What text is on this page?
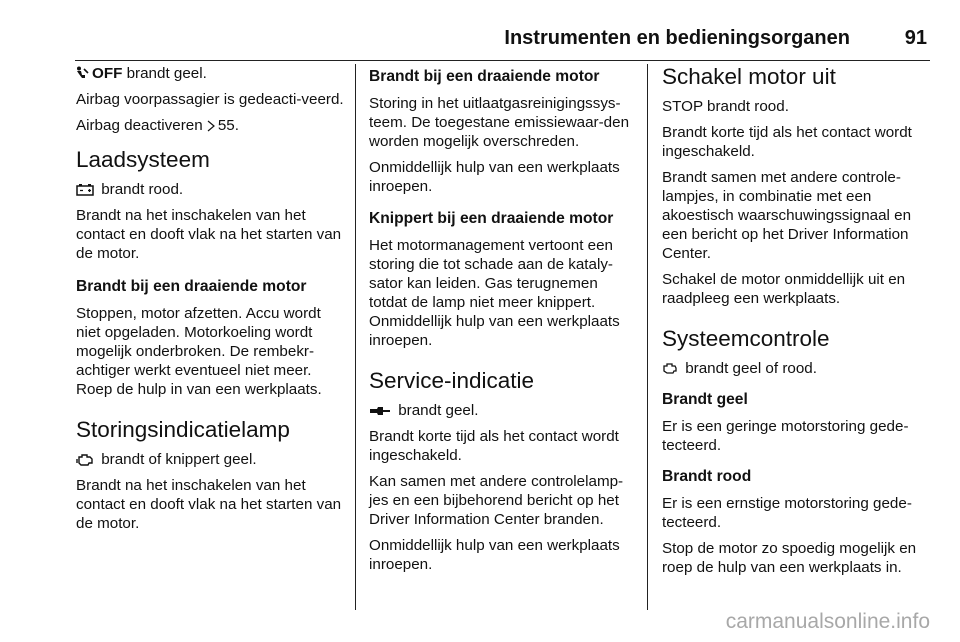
Instrumenten en bedieningsorganen	91

OFF brandt geel.

Airbag voorpassagier is gedeacti-veerd.

Airbag deactiveren
55.

Laadsysteem

brandt rood.

Brandt na het inschakelen van het contact en dooft vlak na het starten van de motor.

Brandt bij een draaiende motor

Stoppen, motor afzetten. Accu wordt niet opgeladen. Motorkoeling wordt mogelijk onderbroken. De rembekr-achtiger werkt eventueel niet meer. Roep de hulp in van een werkplaats.

Storingsindicatielamp

brandt of knippert geel.

Brandt na het inschakelen van het contact en dooft vlak na het starten van de motor.

Brandt bij een draaiende motor

Storing in het uitlaatgasreinigingssys-teem. De toegestane emissiewaar-den worden mogelijk overschreden.

Onmiddellijk hulp van een werkplaats inroepen.

Knippert bij een draaiende motor

Het motormanagement vertoont een storing die tot schade aan de kataly-sator kan leiden. Gas terugnemen totdat de lamp niet meer knippert. Onmiddellijk hulp van een werkplaats inroepen.

Service-indicatie

brandt geel.

Brandt korte tijd als het contact wordt ingeschakeld.

Kan samen met andere controlelamp-jes en een bijbehorend bericht op het Driver Information Center branden.

Onmiddellijk hulp van een werkplaats inroepen.

Schakel motor uit

STOP brandt rood.

Brandt korte tijd als het contact wordt ingeschakeld.

Brandt samen met andere controle-lampjes, in combinatie met een akoestisch waarschuwingssignaal en een bericht op het Driver Information Center.

Schakel de motor onmiddellijk uit en raadpleeg een werkplaats.

Systeemcontrole

brandt geel of rood.

Brandt geel

Er is een geringe motorstoring gede-tecteerd.

Brandt rood

Er is een ernstige motorstoring gede-tecteerd.

Stop de motor zo spoedig mogelijk en roep de hulp van een werkplaats in.

carmanualsonline.info
